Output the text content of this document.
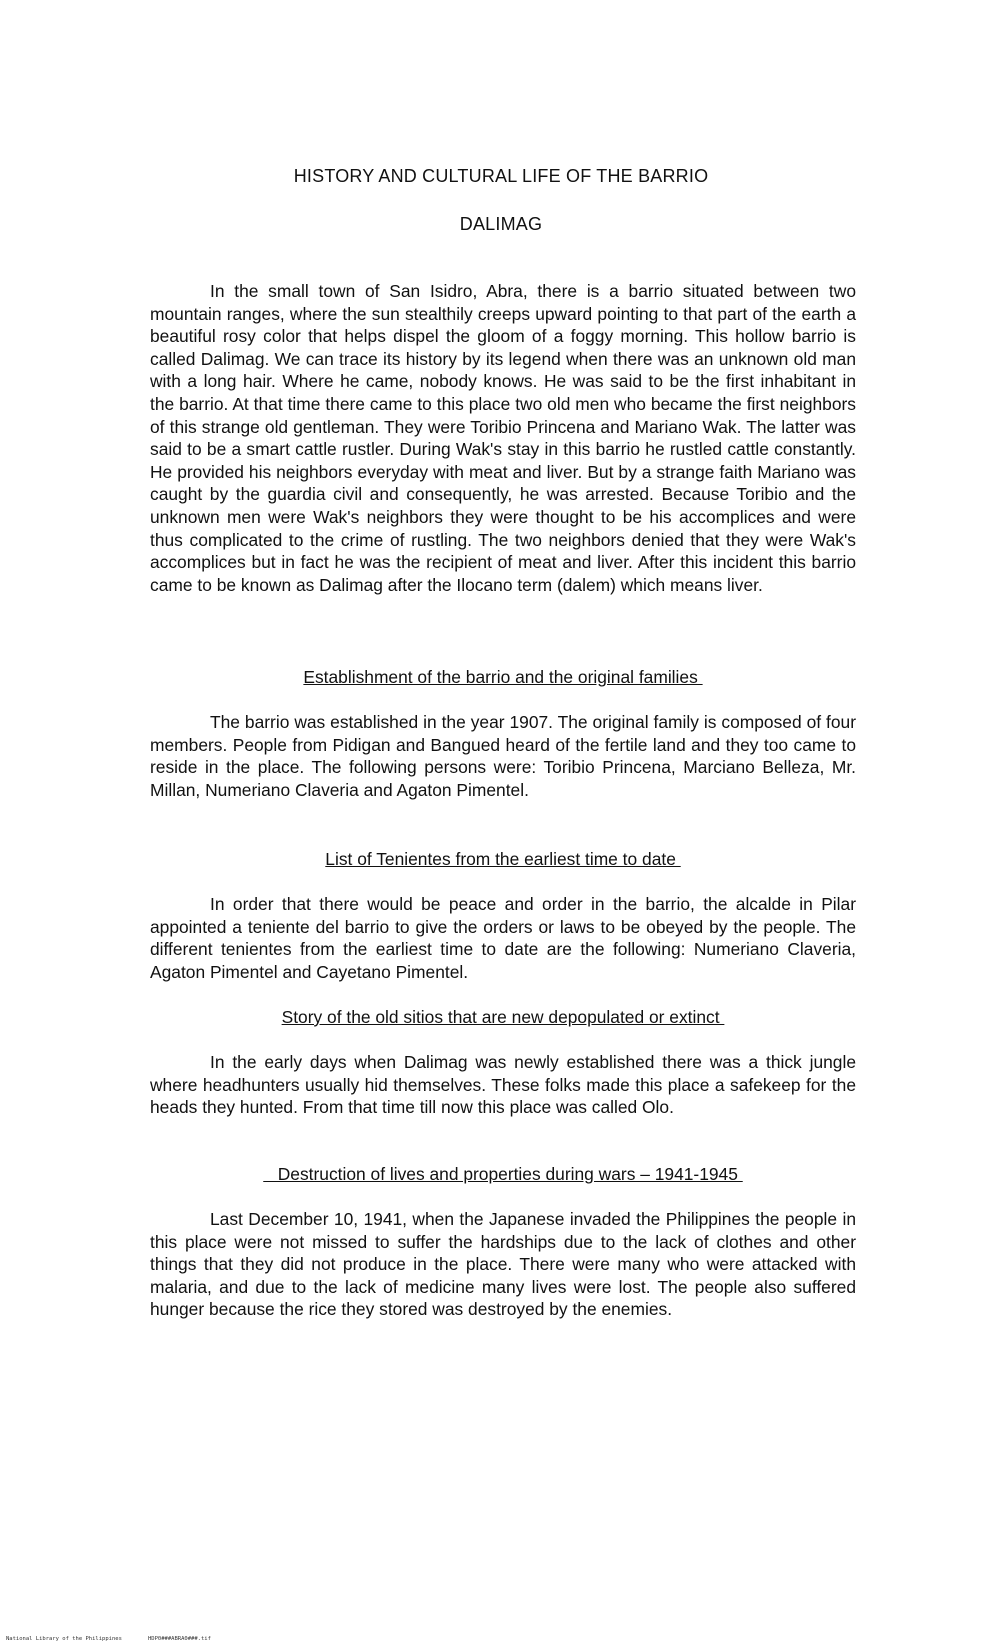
HISTORY AND CULTURAL LIFE OF THE BARRIO
DALIMAG

In the small town of San Isidro, Abra, there is a barrio situated between two mountain ranges, where the sun stealthily creeps upward pointing to that part of the earth a beautiful rosy color that helps dispel the gloom of a foggy morning. This hollow barrio is called Dalimag. We can trace its history by its legend when there was an unknown old man with a long hair. Where he came, nobody knows. He was said to be the first inhabitant in the barrio. At that time there came to this place two old men who became the first neighbors of this strange old gentleman. They were Toribio Princena and Mariano Wak. The latter was said to be a smart cattle rustler. During Wak's stay in this barrio he rustled cattle constantly. He provided his neighbors everyday with meat and liver. But by a strange faith Mariano was caught by the guardia civil and consequently, he was arrested. Because Toribio and the unknown men were Wak's neighbors they were thought to be his accomplices and were thus complicated to the crime of rustling. The two neighbors denied that they were Wak's accomplices but in fact he was the recipient of meat and liver. After this incident this barrio came to be known as Dalimag after the Ilocano term (dalem) which means liver.

Establishment of the barrio and the original families

The barrio was established in the year 1907. The original family is composed of four members. People from Pidigan and Bangued heard of the fertile land and they too came to reside in the place. The following persons were: Toribio Princena, Marciano Belleza, Mr. Millan, Numeriano Claveria and Agaton Pimentel.

List of Tenientes from the earliest time to date

In order that there would be peace and order in the barrio, the alcalde in Pilar appointed a teniente del barrio to give the orders or laws to be obeyed by the people. The different tenientes from the earliest time to date are the following: Numeriano Claveria, Agaton Pimentel and Cayetano Pimentel.

Story of the old sitios that are new depopulated or extinct

In the early days when Dalimag was newly established there was a thick jungle where headhunters usually hid themselves. These folks made this place a safekeep for the heads they hunted. From that time till now this place was called Olo.

Destruction of lives and properties during wars – 1941-1945

Last December 10, 1941, when the Japanese invaded the Philippines the people in this place were not missed to suffer the hardships due to the lack of clothes and other things that they did not produce in the place. There were many who were attacked with malaria, and due to the lack of medicine many lives were lost. The people also suffered hunger because the rice they stored was destroyed by the enemies.

National Library of the Philippines	HDP0###ABRA0###.tif
